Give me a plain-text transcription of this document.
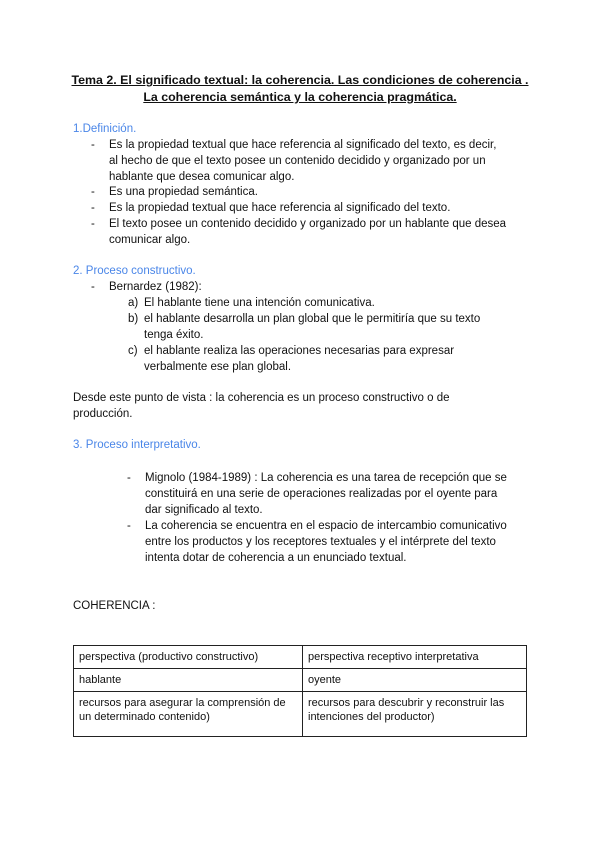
Tema 2. El significado textual: la coherencia. Las condiciones de coherencia .
La coherencia semántica y la coherencia pragmática.
1.Definición.
- Es la propiedad textual que hace referencia al significado del texto, es decir,
al hecho de que el texto posee un contenido decidido y organizado por un
hablante que desea comunicar algo.
- Es una propiedad semántica.
- Es la propiedad textual que hace referencia al significado del texto.
- El texto posee un contenido decidido y organizado por un hablante que desea
comunicar algo.
2. Proceso constructivo.
- Bernardez (1982):
a) El hablante tiene una intención comunicativa.
b) el hablante desarrolla un plan global que le permitiría que su texto
tenga éxito.
c) el hablante realiza las operaciones necesarias para expresar
verbalmente ese plan global.
Desde este punto de vista : la coherencia es un proceso constructivo o de
producción.
3. Proceso interpretativo.
- Mignolo (1984-1989) : La coherencia es una tarea de recepción que se
constituirá en una serie de operaciones realizadas por el oyente para
dar significado al texto.
- La coherencia se encuentra en el espacio de intercambio comunicativo
entre los productos y los receptores textuales y el intérprete del texto
intenta dotar de coherencia a un enunciado textual.
COHERENCIA :
perspectiva (productivo constructivo)	perspectiva receptivo interpretativa
hablante	oyente
recursos para asegurar la comprensión de un determinado contenido)	recursos para descubrir y reconstruir las intenciones del productor)
